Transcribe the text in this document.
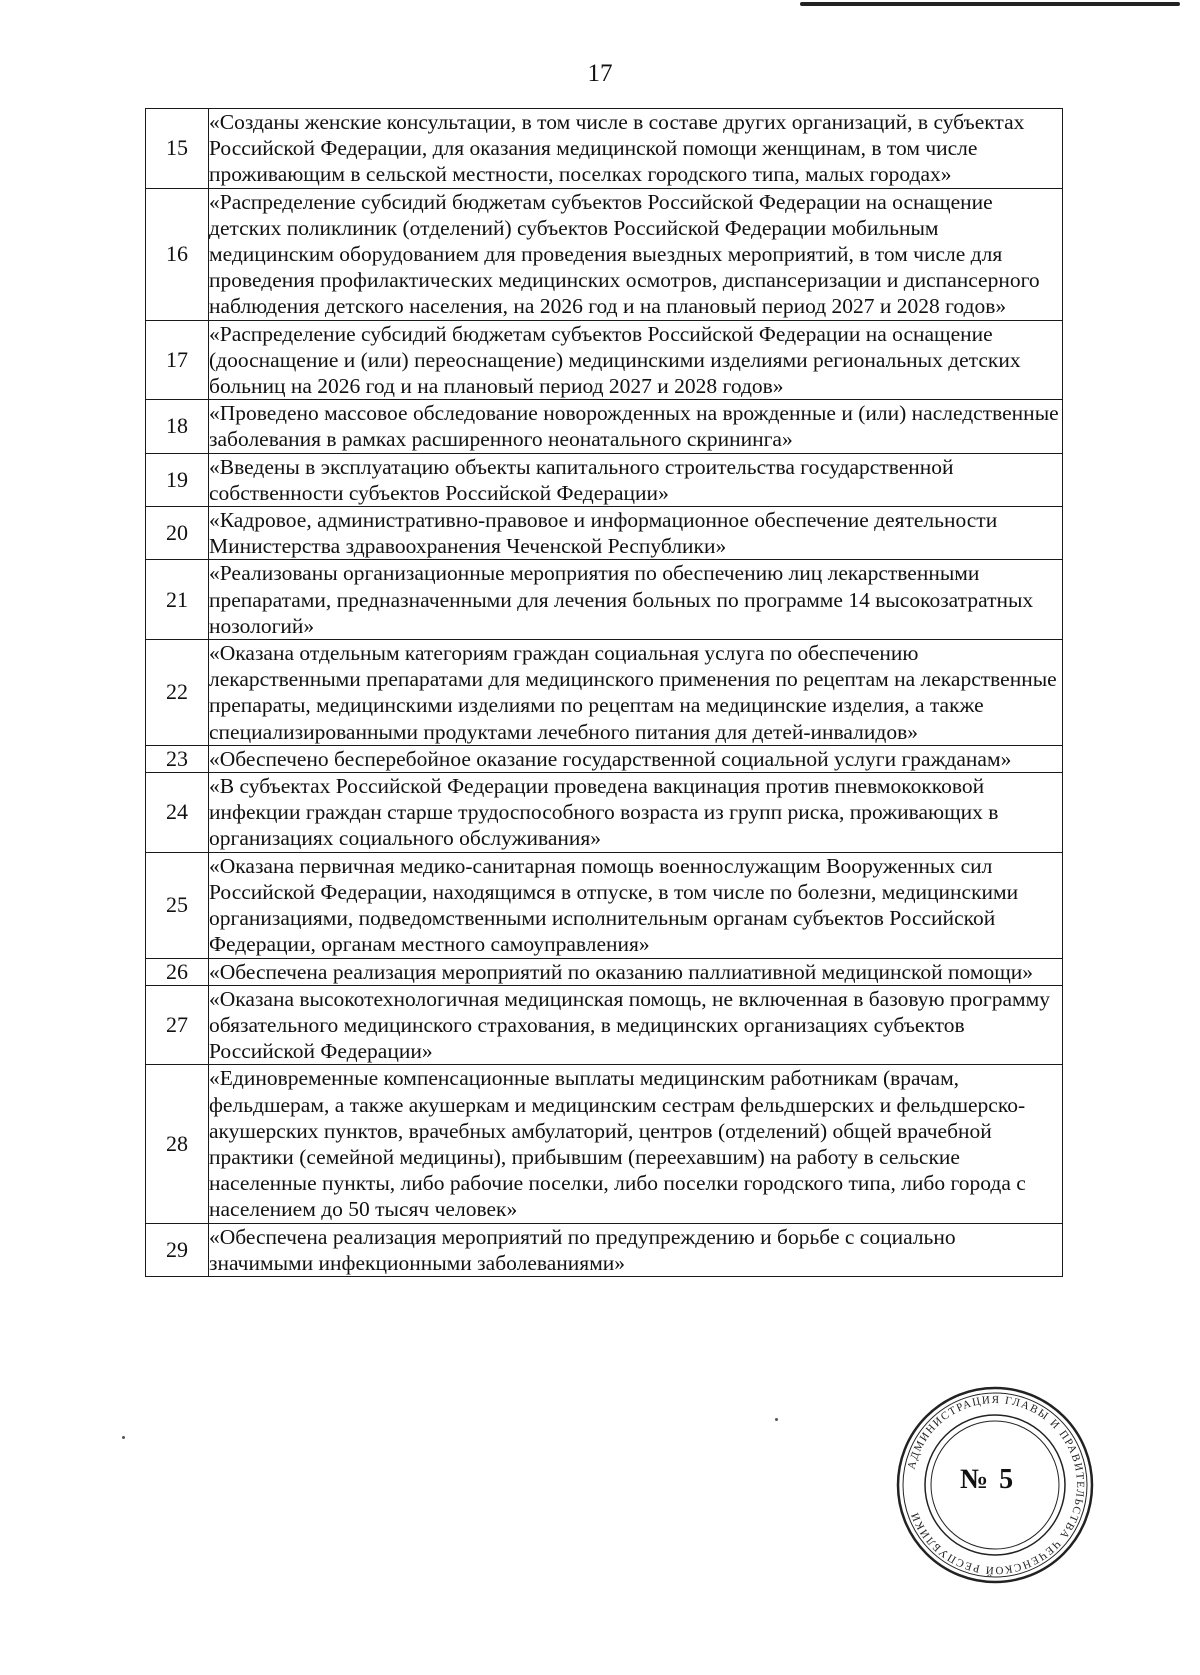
17
15	«Созданы женские консультации, в том числе в составе других организаций, в субъектах Российской Федерации, для оказания медицинской помощи женщинам, в том числе проживающим в сельской местности, поселках городского типа, малых городах»
16	«Распределение субсидий бюджетам субъектов Российской Федерации на оснащение детских поликлиник (отделений) субъектов Российской Федерации мобильным медицинским оборудованием для проведения выездных мероприятий, в том числе для проведения профилактических медицинских осмотров, диспансеризации и диспансерного наблюдения детского населения, на 2026 год и на плановый период 2027 и 2028 годов»
17	«Распределение субсидий бюджетам субъектов Российской Федерации на оснащение (дооснащение и (или) переоснащение) медицинскими изделиями региональных детских больниц на 2026 год и на плановый период 2027 и 2028 годов»
18	«Проведено массовое обследование новорожденных на врожденные и (или) наследственные заболевания в рамках расширенного неонатального скрининга»
19	«Введены в эксплуатацию объекты капитального строительства государственной собственности субъектов Российской Федерации»
20	«Кадровое, административно-правовое и информационное обеспечение деятельности Министерства здравоохранения Чеченской Республики»
21	«Реализованы организационные мероприятия по обеспечению лиц лекарственными препаратами, предназначенными для лечения больных по программе 14 высокозатратных нозологий»
22	«Оказана отдельным категориям граждан социальная услуга по обеспечению лекарственными препаратами для медицинского применения по рецептам на лекарственные препараты, медицинскими изделиями по рецептам на медицинские изделия, а также специализированными продуктами лечебного питания для детей-инвалидов»
23	«Обеспечено бесперебойное оказание государственной социальной услуги гражданам»
24	«В субъектах Российской Федерации проведена вакцинация против пневмококковой инфекции граждан старше трудоспособного возраста из групп риска, проживающих в организациях социального обслуживания»
25	«Оказана первичная медико-санитарная помощь военнослужащим Вооруженных сил Российской Федерации, находящимся в отпуске, в том числе по болезни, медицинскими организациями, подведомственными исполнительным органам субъектов Российской Федерации, органам местного самоуправления»
26	«Обеспечена реализация мероприятий по оказанию паллиативной медицинской помощи»
27	«Оказана высокотехнологичная медицинская помощь, не включенная в базовую программу обязательного медицинского страхования, в медицинских организациях субъектов Российской Федерации»
28	«Единовременные компенсационные выплаты медицинским работникам (врачам, фельдшерам, а также акушеркам и медицинским сестрам фельдшерских и фельдшерско-акушерских пунктов, врачебных амбулаторий, центров (отделений) общей врачебной практики (семейной медицины), прибывшим (переехавшим) на работу в сельские населенные пункты, либо рабочие поселки, либо поселки городского типа, либо города с населением до 50 тысяч человек»
29	«Обеспечена реализация мероприятий по предупреждению и борьбе с социально значимыми инфекционными заболеваниями»
АДМИНИСТРАЦИЯ ГЛАВЫ И ПРАВИТЕЛЬСТВА ЧЕЧЕНСКОЙ РЕСПУБЛИКИ
№ 5
